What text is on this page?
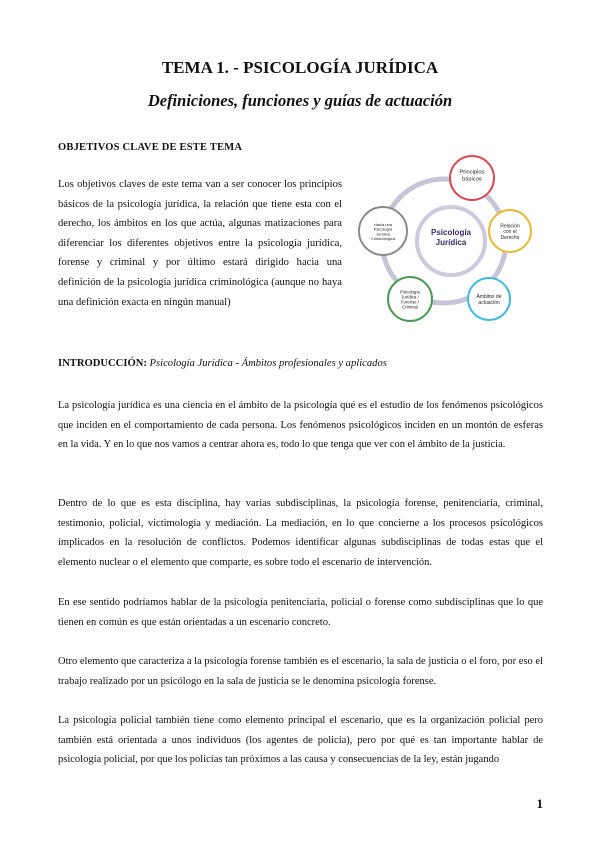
TEMA 1. - PSICOLOGÍA JURÍDICA
Definiciones, funciones y guías de actuación
OBJETIVOS CLAVE DE ESTE TEMA
Los objetivos claves de este tema van a ser conocer los principios básicos de la psicología jurídica, la relación que tiene esta con el derecho, los ámbitos en los que actúa, algunas matizaciones para diferenciar los diferentes objetivos entre la psicología jurídica, forense y criminal y por último estará dirigido hacia una definición de la psicología jurídica criminológica (aunque no haya una definición exacta en ningún manual)
Psicología Jurídica
Principios básicos
Relación con el Derecho
Ámbitos de actuación
Psicología Jurídica / Forense / Criminal
Hacia una Psicología Jurídica Criminológica
INTRODUCCIÓN: Psicología Jurídica - Ámbitos profesionales y aplicados

La psicología jurídica es una ciencia en el ámbito de la psicología qué es el estudio de los fenómenos psicológicos que inciden en el comportamiento de cada persona. Los fenómenos psicológicos inciden en un montón de esferas en la vida. Y en lo que nos vamos a centrar ahora es, todo lo que tenga que ver con el ámbito de la justicia.

Dentro de lo que es esta disciplina, hay varias subdisciplinas, la psicología forense, penitenciaria, criminal, testimonio, policial, victimología y mediación. La mediación, en lo que concierne a los procesos psicológicos implicados en la resolución de conflictos. Podemos identificar algunas subdisciplinas de todas estas que el elemento nuclear o el elemento que comparte, es sobre todo el escenario de intervención.

En ese sentido podríamos hablar de la psicología penitenciaria, policial o forense como subdisciplinas que lo que tienen en común es que están orientadas a un escenario concreto.

Otro elemento que caracteriza a la psicología forense también es el escenario, la sala de justicia o el foro, por eso el trabajo realizado por un psicólogo en la sala de justicia se le denomina psicología forense.

La psicología policial también tiene como elemento principal el escenario, que es la organización policial pero también está orientada a unos individuos (los agentes de policía), pero por qué es tan importante hablar de psicología policial, por que los policías tan próximos a las causa y consecuencias de la ley, están jugando

1
